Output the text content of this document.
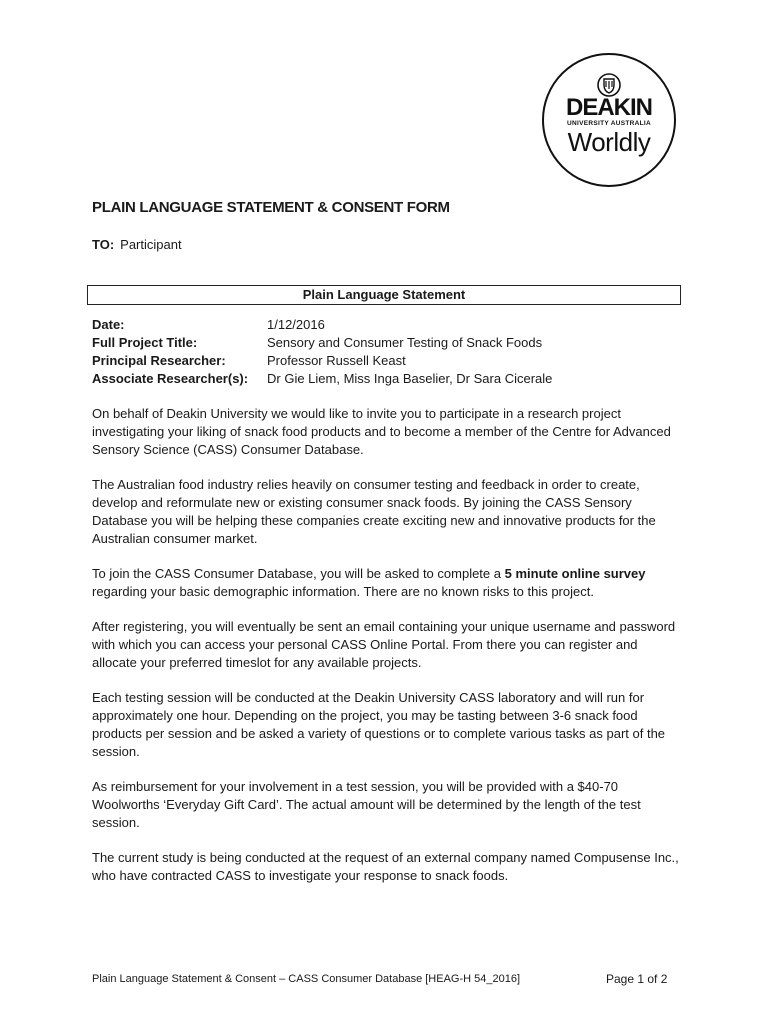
DEAKIN
UNIVERSITY AUSTRALIA
Worldly
PLAIN LANGUAGE STATEMENT & CONSENT FORM
TO: Participant
Plain Language Statement
Date:	1/12/2016
Full Project Title:	Sensory and Consumer Testing of Snack Foods
Principal Researcher:	Professor Russell Keast
Associate Researcher(s): Dr Gie Liem, Miss Inga Baselier, Dr Sara Cicerale

On behalf of Deakin University we would like to invite you to participate in a research project investigating your liking of snack food products and to become a member of the Centre for Advanced Sensory Science (CASS) Consumer Database.

The Australian food industry relies heavily on consumer testing and feedback in order to create, develop and reformulate new or existing consumer snack foods. By joining the CASS Sensory Database you will be helping these companies create exciting new and innovative products for the Australian consumer market.

To join the CASS Consumer Database, you will be asked to complete a 5 minute online survey regarding your basic demographic information. There are no known risks to this project.

After registering, you will eventually be sent an email containing your unique username and password with which you can access your personal CASS Online Portal. From there you can register and allocate your preferred timeslot for any available projects.

Each testing session will be conducted at the Deakin University CASS laboratory and will run for approximately one hour. Depending on the project, you may be tasting between 3-6 snack food products per session and be asked a variety of questions or to complete various tasks as part of the session.

As reimbursement for your involvement in a test session, you will be provided with a $40-70 Woolworths ‘Everyday Gift Card’. The actual amount will be determined by the length of the test session.

The current study is being conducted at the request of an external company named Compusense Inc., who have contracted CASS to investigate your response to snack foods.

Plain Language Statement & Consent – CASS Consumer Database [HEAG-H 54_2016]	Page 1 of 2
